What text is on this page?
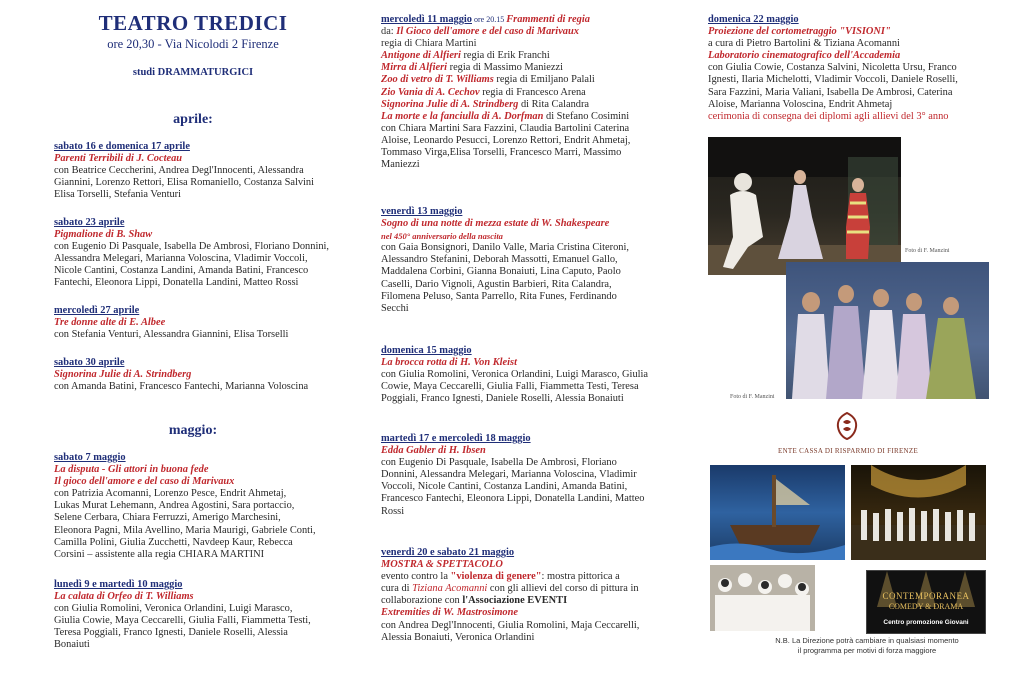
TEATRO TREDICI
ore 20,30 - Via Nicolodi 2 Firenze
studi DRAMMATURGICI
aprile:
sabato 16 e domenica 17 aprile
Parenti Terribili di J. Cocteau
con Beatrice Ceccherini, Andrea Degl'Innocenti, Alessandra
Giannini, Lorenzo Rettori, Elisa Romaniello, Costanza Salvini
Elisa Torselli, Stefania Venturi
sabato 23 aprile
Pigmalione di B. Shaw
con Eugenio Di Pasquale, Isabella De Ambrosi, Floriano Donnini,
Alessandra Melegari, Marianna Voloscina, Vladimir Voccoli,
Nicole Cantini, Costanza Landini, Amanda Batini, Francesco
Fantechi, Eleonora Lippi, Donatella Landini, Matteo Rossi
mercoledì 27 aprile
Tre donne alte di E. Albee
con Stefania Venturi, Alessandra Giannini, Elisa Torselli
sabato 30 aprile
Signorina Julie di A. Strindberg
con Amanda Batini, Francesco Fantechi, Marianna Voloscina
maggio:
sabato 7 maggio
La disputa - Gli attori in buona fede
Il gioco dell'amore e del caso di Marivaux
con Patrizia Acomanni, Lorenzo Pesce, Endrit Ahmetaj,
Lukas Murat Lehemann, Andrea Agostini, Sara portaccio,
Selene Cerbara, Chiara Ferruzzi, Amerigo Marchesini,
Eleonora Pagni, Mila Avellino, Maria Maurigi, Gabriele Conti,
Camilla Polini, Giulia Zucchetti, Navdeep Kaur, Rebecca
Corsini – assistente alla regia CHIARA MARTINI
lunedì 9 e martedì 10 maggio
La calata di Orfeo di T. Williams
con Giulia Romolini, Veronica Orlandini, Luigi Marasco,
Giulia Cowie, Maya Ceccarelli, Giulia Falli, Fiammetta Testi,
Teresa Poggiali, Franco Ignesti, Daniele Roselli, Alessia
Bonaiuti
mercoledì 11 maggio ore 20.15 Frammenti di regia
da: Il Gioco dell'amore e del caso di Marivaux
regia di Chiara Martini
Antigone di Alfieri regia di Erik Franchi
Mirra di Alfieri regia di Massimo Maniezzi
Zoo di vetro di T. Williams regia di Emiljano Palali
Zio Vania di A. Cechov regia di Francesco Arena
Signorina Julie di A. Strindberg di Rita Calandra
La morte e la fanciulla di A. Dorfman di Stefano Cosimini
con Chiara Martini Sara Fazzini, Claudia Bartolini Caterina
Aloise, Leonardo Pesucci, Lorenzo Rettori, Endrit Ahmetaj,
Tommaso Virga,Elisa Torselli, Francesco Marri, Massimo
Maniezzi
venerdì 13 maggio
Sogno di una notte di mezza estate di W. Shakespeare
nel 450° anniversario della nascita
con Gaia Bonsignori, Danilo Valle, Maria Cristina Citeroni,
Alessandro Stefanini, Deborah Massotti, Emanuel Gallo,
Maddalena Corbini, Gianna Bonaiuti, Lina Caputo, Paolo
Caselli, Dario Vignoli, Agustin Barbieri, Rita Calandra,
Filomena Peluso, Santa Parrello, Rita Funes, Ferdinando
Secchi
domenica 15 maggio
La brocca rotta di H. Von Kleist
con Giulia Romolini, Veronica Orlandini, Luigi Marasco, Giulia
Cowie, Maya Ceccarelli, Giulia Falli, Fiammetta Testi, Teresa
Poggiali, Franco Ignesti, Daniele Roselli, Alessia Bonaiuti
martedì 17 e mercoledì 18 maggio
Edda Gabler di H. Ibsen
con Eugenio Di Pasquale, Isabella De Ambrosi, Floriano
Donnini, Alessandra Melegari, Marianna Voloscina, Vladimir
Voccoli, Nicole Cantini, Costanza Landini, Amanda Batini,
Francesco Fantechi, Eleonora Lippi, Donatella Landini, Matteo
Rossi
venerdì 20 e sabato 21 maggio
MOSTRA & SPETTACOLO
evento contro la "violenza di genere": mostra pittorica a
cura di Tiziana Acomanni con gli allievi del corso di pittura in
collaborazione con l'Associazione EVENTI
Extremities di W. Mastrosimone
con Andrea Degl'Innocenti, Giulia Romolini, Maja Ceccarelli,
Alessia Bonaiuti, Veronica Orlandini
domenica 22 maggio
Proiezione del cortometraggio "VISIONI"
a cura di Pietro Bartolini & Tiziana Acomanni
Laboratorio cinematografico dell'Accademia
con Giulia Cowie, Costanza Salvini, Nicoletta Ursu, Franco
Ignesti, Ilaria Michelotti, Vladimir Voccoli, Daniele Roselli,
Sara Fazzini, Maria Valiani, Isabella De Ambrosi, Caterina
Aloise, Marianna Voloscina, Endrit Ahmetaj
cerimonia di consegna dei diplomi agli allievi del 3° anno
Foto di F. Manzini
Foto di F. Manzini
ENTE CASSA DI RISPARMIO DI FIRENZE
CONTEMPORANEA
COMEDY & DRAMA
Centro promozione Giovani
N.B. La Direzione potrà cambiare in qualsiasi momento
il programma per motivi di forza maggiore
